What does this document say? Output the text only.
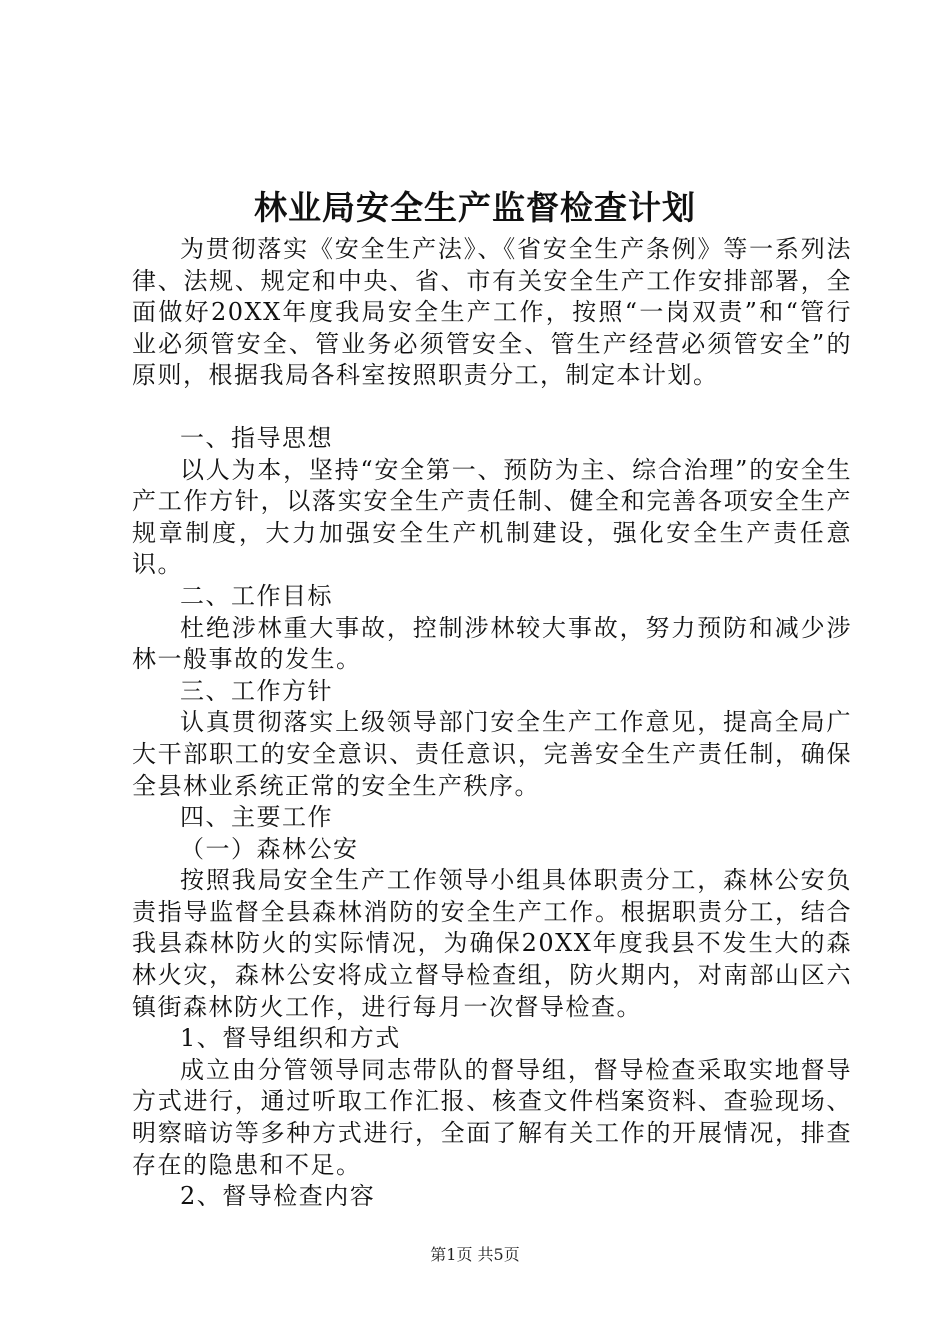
林业局安全生产监督检查计划

为贯彻落实《安全生产法》、《省安全生产条例》等一系列法律、法规、规定和中央、省、市有关安全生产工作安排部署，全面做好20XX年度我局安全生产工作，按照“一岗双责”和“管行业必须管安全、管业务必须管安全、管生产经营必须管安全”的原则，根据我局各科室按照职责分工，制定本计划。

一、指导思想

以人为本，坚持“安全第一、预防为主、综合治理”的安全生产工作方针，以落实安全生产责任制、健全和完善各项安全生产规章制度，大力加强安全生产机制建设，强化安全生产责任意识。

二、工作目标

杜绝涉林重大事故，控制涉林较大事故，努力预防和减少涉林一般事故的发生。

三、工作方针

认真贯彻落实上级领导部门安全生产工作意见，提高全局广大干部职工的安全意识、责任意识，完善安全生产责任制，确保全县林业系统正常的安全生产秩序。

四、主要工作

（一）森林公安

按照我局安全生产工作领导小组具体职责分工，森林公安负责指导监督全县森林消防的安全生产工作。根据职责分工，结合我县森林防火的实际情况，为确保20XX年度我县不发生大的森林火灾，森林公安将成立督导检查组，防火期内，对南部山区六镇街森林防火工作，进行每月一次督导检查。

1、督导组织和方式

成立由分管领导同志带队的督导组，督导检查采取实地督导方式进行，通过听取工作汇报、核查文件档案资料、查验现场、明察暗访等多种方式进行，全面了解有关工作的开展情况，排查存在的隐患和不足。

2、督导检查内容

第1页 共5页
